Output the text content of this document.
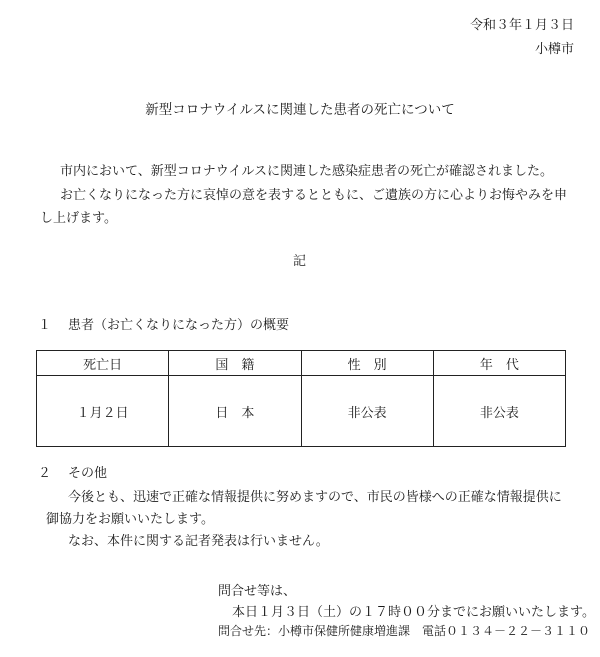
令和３年１月３日
小樽市
新型コロナウイルスに関連した患者の死亡について
市内において、新型コロナウイルスに関連した感染症患者の死亡が確認されました。
お亡くなりになった方に哀悼の意を表するとともに、ご遺族の方に心よりお悔やみを申
し上げます。
記
１ 患者（お亡くなりになった方）の概要
死亡日	国　籍	性　別	年　代
１月２日	日　本	非公表	非公表
２ その他
今後とも、迅速で正確な情報提供に努めますので、市民の皆様への正確な情報提供に
御協力をお願いいたします。
なお、本件に関する記者発表は行いません。
問合せ等は、
本日１月３日（土）の１７時００分までにお願いいたします。
問合せ先：小樽市保健所健康増進課　電話０１３４－２２－３１１０
